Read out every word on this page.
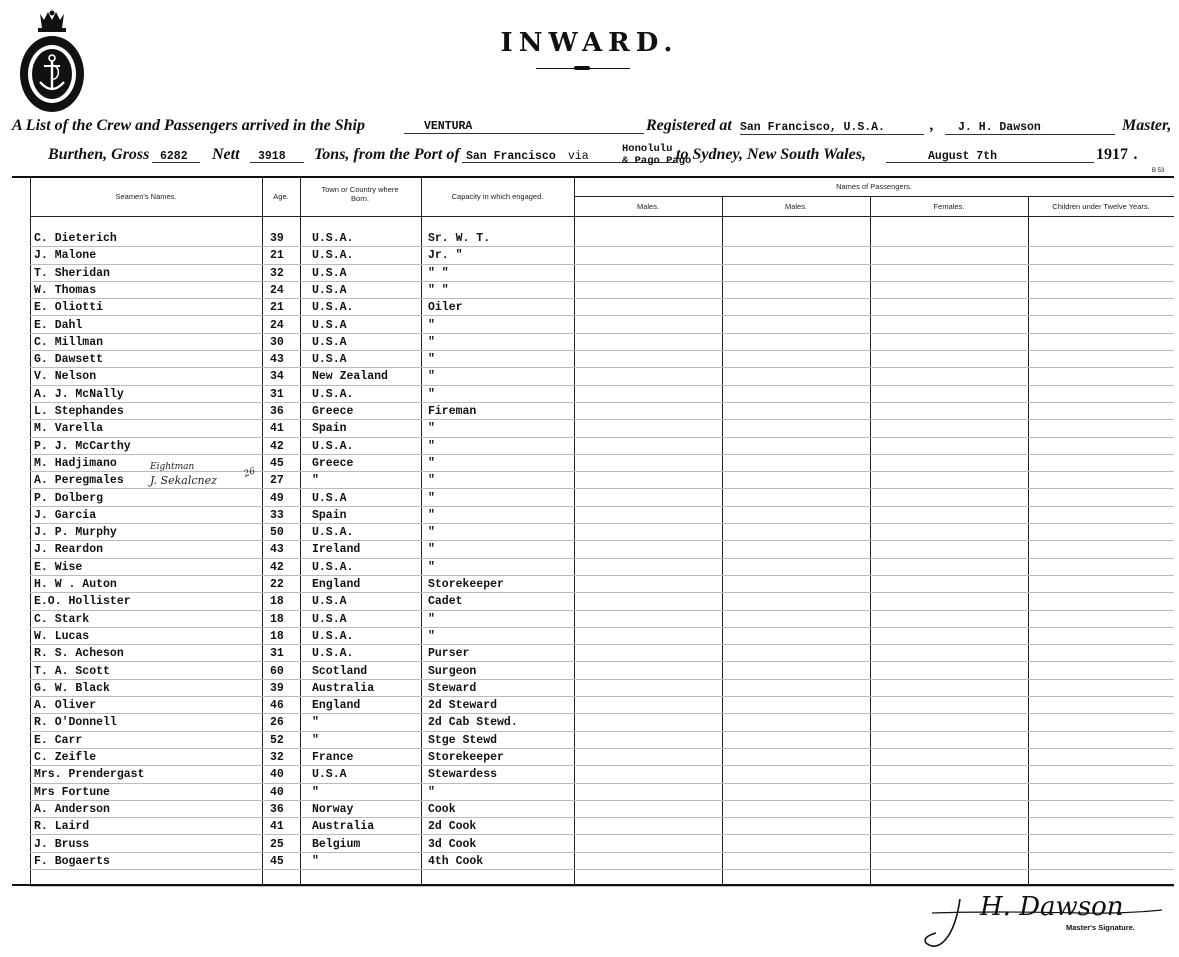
INWARD.
A List of the Crew and Passengers arrived in the Ship	VENTURA	Registered at San Francisco, U.S.A.	, J. H. Dawson	Master,
Burthen, Gross 6282 Nett 3918 Tons, from the Port of San Francisco via
Honolulu
& Pago Pago
to Sydney, New South Wales,	August 7th	1917 .
B 53
Seamen's Names.	Age.
Town or Country where Born.	Capacity in which engaged.
Names of Passengers.
Males.	Males.	Females.	Children under Twelve Years.
C. Dieterich	39 U.S.A.	Sr. W. T.
J. Malone	21 U.S.A.	Jr. "
T. Sheridan	32 U.S.A	" "
W. Thomas	24 U.S.A	" "
E. Oliotti	21 U.S.A.	Oiler
E. Dahl	24 U.S.A	"
C. Millman	30 U.S.A	"
G. Dawsett	43 U.S.A	"
V. Nelson	34 New Zealand	"
A. J. McNally	31 U.S.A.	"
L. Stephandes	36 Greece	Fireman
M. Varella	41 Spain	"
P. J. McCarthy	42 U.S.A.	"
M. Hadjimano	45 Greece	"
A. Peregmales	27 "	"
P. Dolberg	49 U.S.A	"
J. Garcia	33 Spain	"
J. P. Murphy	50 U.S.A.	"
J. Reardon	43 Ireland	"
E. Wise	42 U.S.A.	"
H. W . Auton	22 England	Storekeeper
E.O. Hollister	18 U.S.A	Cadet
C. Stark	18 U.S.A	"
W. Lucas	18 U.S.A.	"
R. S. Acheson	31 U.S.A.	Purser
T. A. Scott	60 Scotland	Surgeon
G. W. Black	39 Australia	Steward
A. Oliver	46 England	2d Steward
R. O'Donnell	26 "	2d Cab Stewd.
E. Carr	52 "	Stge Stewd
C. Zeifle	32 France	Storekeeper
Mrs. Prendergast	40 U.S.A	Stewardess
Mrs Fortune	40 "	"
A. Anderson	36 Norway	Cook
R. Laird	41 Australia	2d Cook
J. Bruss	25 Belgium	3d Cook
F. Bogaerts	45 "	4th Cook
Eightman
J. Sekalcnez
26
H. Dawson
Master's Signature.
